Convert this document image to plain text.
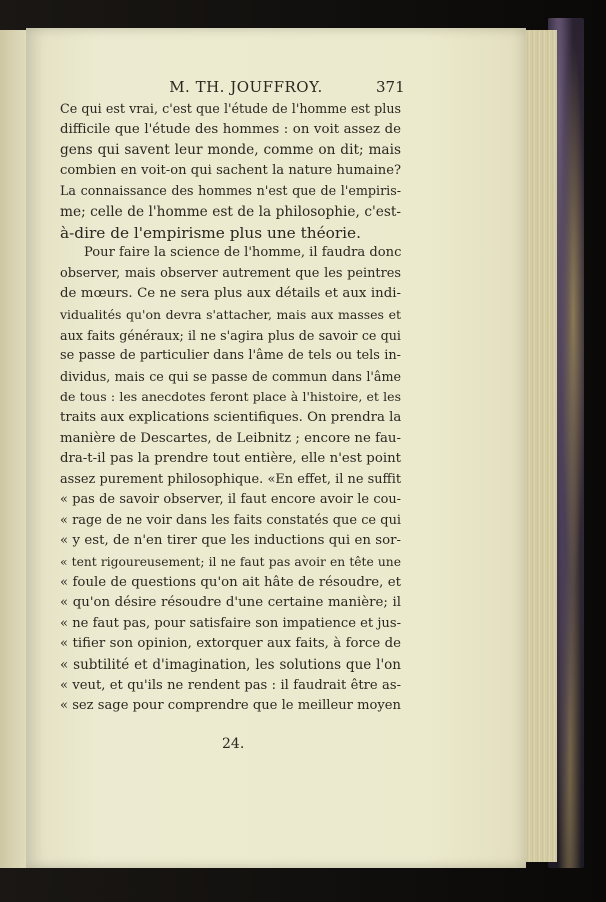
M. TH. JOUFFROY.	371
Ce qui est vrai, c'est que l'étude de l'homme est plus
difficile que l'étude des hommes : on voit assez de
gens qui savent leur monde, comme on dit; mais
combien en voit-on qui sachent la nature humaine?
La connaissance des hommes n'est que de l'empiris-
me; celle de l'homme est de la philosophie, c'est-
à-dire de l'empirisme plus une théorie.
Pour faire la science de l'homme, il faudra donc
observer, mais observer autrement que les peintres
de mœurs. Ce ne sera plus aux détails et aux indi-
vidualités qu'on devra s'attacher, mais aux masses et
aux faits généraux; il ne s'agira plus de savoir ce qui
se passe de particulier dans l'âme de tels ou tels in-
dividus, mais ce qui se passe de commun dans l'âme
de tous : les anecdotes feront place à l'histoire, et les
traits aux explications scientifiques. On prendra la
manière de Descartes, de Leibnitz ; encore ne fau-
dra-t-il pas la prendre tout entière, elle n'est point
assez purement philosophique. «En effet, il ne suffit
« pas de savoir observer, il faut encore avoir le cou-
« rage de ne voir dans les faits constatés que ce qui
« y est, de n'en tirer que les inductions qui en sor-
« tent rigoureusement; il ne faut pas avoir en tête une
« foule de questions qu'on ait hâte de résoudre, et
« qu'on désire résoudre d'une certaine manière; il
« ne faut pas, pour satisfaire son impatience et jus-
« tifier son opinion, extorquer aux faits, à force de
« subtilité et d'imagination, les solutions que l'on
« veut, et qu'ils ne rendent pas : il faudrait être as-
« sez sage pour comprendre que le meilleur moyen
24.
